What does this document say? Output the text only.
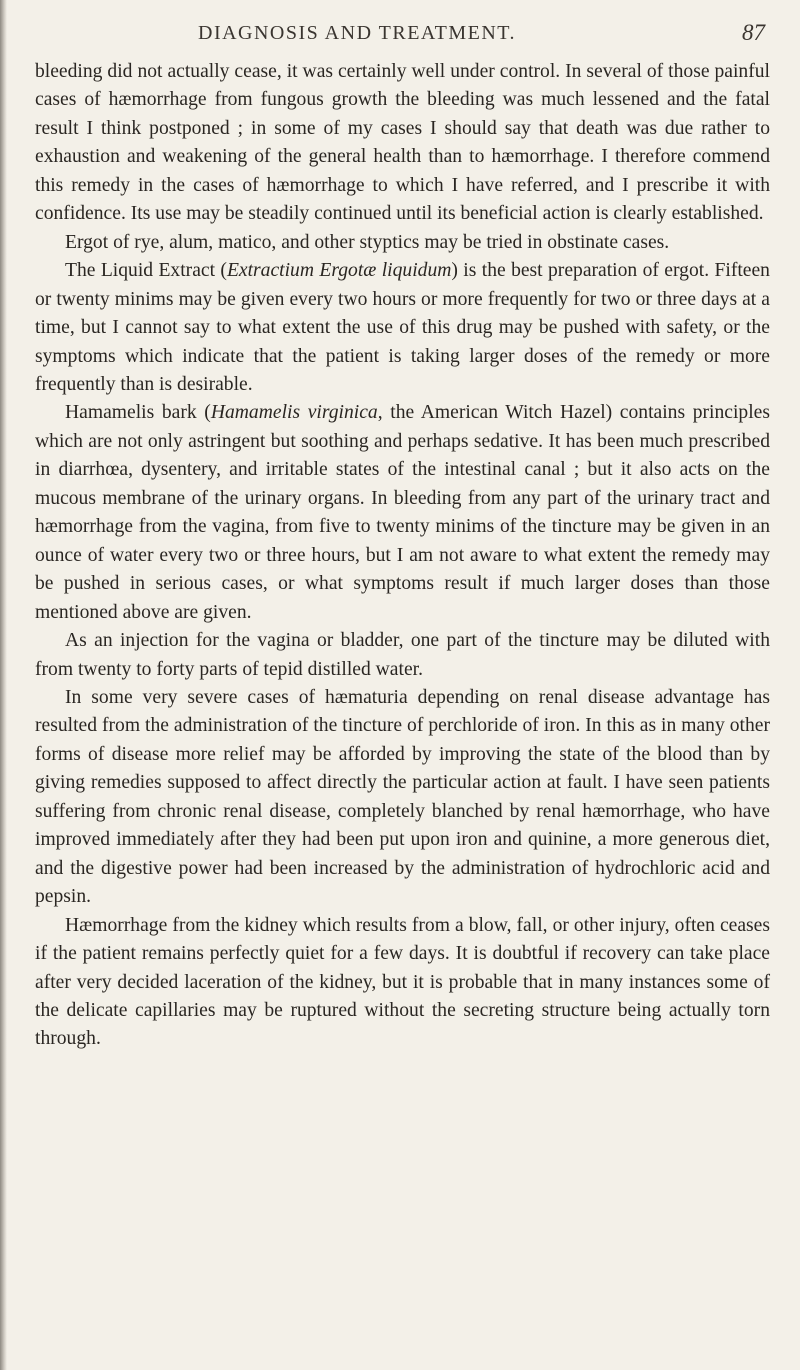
DIAGNOSIS AND TREATMENT.	87

bleeding did not actually cease, it was certainly well under control. In several of those painful cases of hæmorrhage from fungous growth the bleeding was much lessened and the fatal result I think postponed ; in some of my cases I should say that death was due rather to exhaustion and weakening of the general health than to hæmorrhage. I therefore commend this remedy in the cases of hæmorrhage to which I have referred, and I prescribe it with confidence. Its use may be steadily continued until its beneficial action is clearly established.

Ergot of rye, alum, matico, and other styptics may be tried in obstinate cases.

The Liquid Extract (Extractium Ergotæ liquidum) is the best preparation of ergot. Fifteen or twenty minims may be given every two hours or more frequently for two or three days at a time, but I cannot say to what extent the use of this drug may be pushed with safety, or the symptoms which indicate that the patient is taking larger doses of the remedy or more frequently than is desirable.

Hamamelis bark (Hamamelis virginica, the American Witch Hazel) contains principles which are not only astringent but soothing and perhaps sedative. It has been much prescribed in diarrhœa, dysentery, and irritable states of the intestinal canal ; but it also acts on the mucous membrane of the urinary organs. In bleeding from any part of the urinary tract and hæmorrhage from the vagina, from five to twenty minims of the tincture may be given in an ounce of water every two or three hours, but I am not aware to what extent the remedy may be pushed in serious cases, or what symptoms result if much larger doses than those mentioned above are given.

As an injection for the vagina or bladder, one part of the tincture may be diluted with from twenty to forty parts of tepid distilled water.

In some very severe cases of hæmaturia depending on renal disease advantage has resulted from the administration of the tincture of perchloride of iron. In this as in many other forms of disease more relief may be afforded by improving the state of the blood than by giving remedies supposed to affect directly the particular action at fault. I have seen patients suffering from chronic renal disease, completely blanched by renal hæmorrhage, who have improved immediately after they had been put upon iron and quinine, a more generous diet, and the digestive power had been increased by the administration of hydrochloric acid and pepsin.

Hæmorrhage from the kidney which results from a blow, fall, or other injury, often ceases if the patient remains perfectly quiet for a few days. It is doubtful if recovery can take place after very decided laceration of the kidney, but it is probable that in many instances some of the delicate capillaries may be ruptured without the secreting structure being actually torn through.
